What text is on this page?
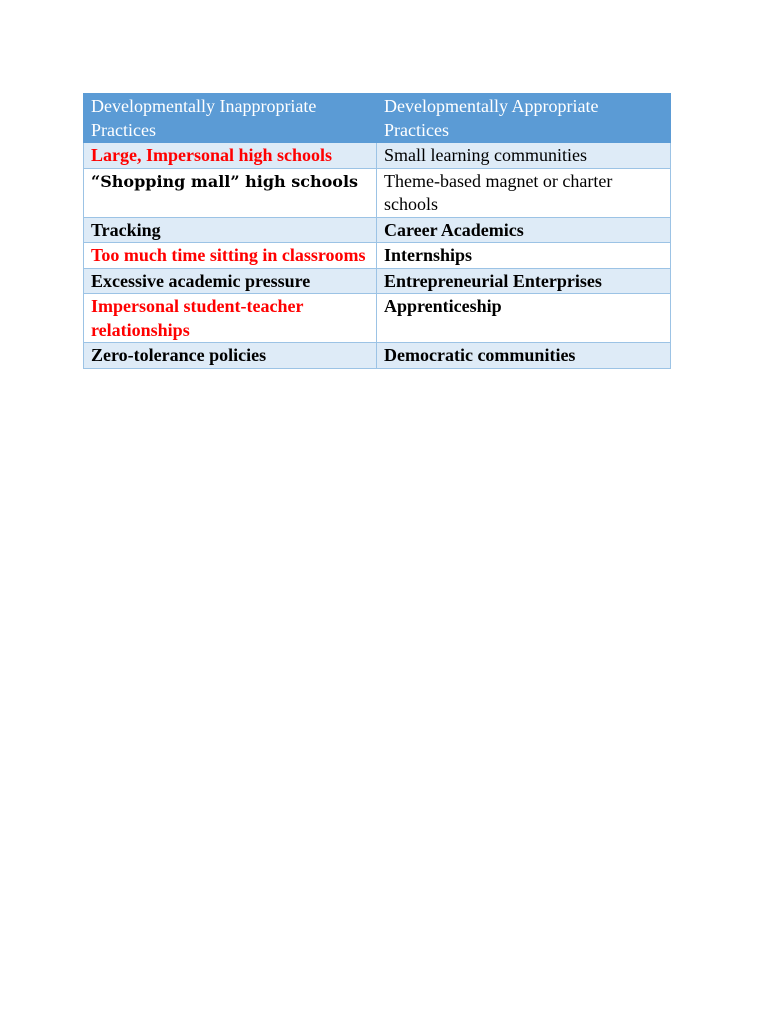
Developmentally Inappropriate Practices	Developmentally Appropriate Practices
Large, Impersonal high schools	Small learning communities
“Shopping mall” high schools	Theme-based magnet or charter schools
Tracking	Career Academics
Too much time sitting in classrooms	Internships
Excessive academic pressure	Entrepreneurial Enterprises
Impersonal student-teacher relationships	Apprenticeship
Zero-tolerance policies	Democratic communities
